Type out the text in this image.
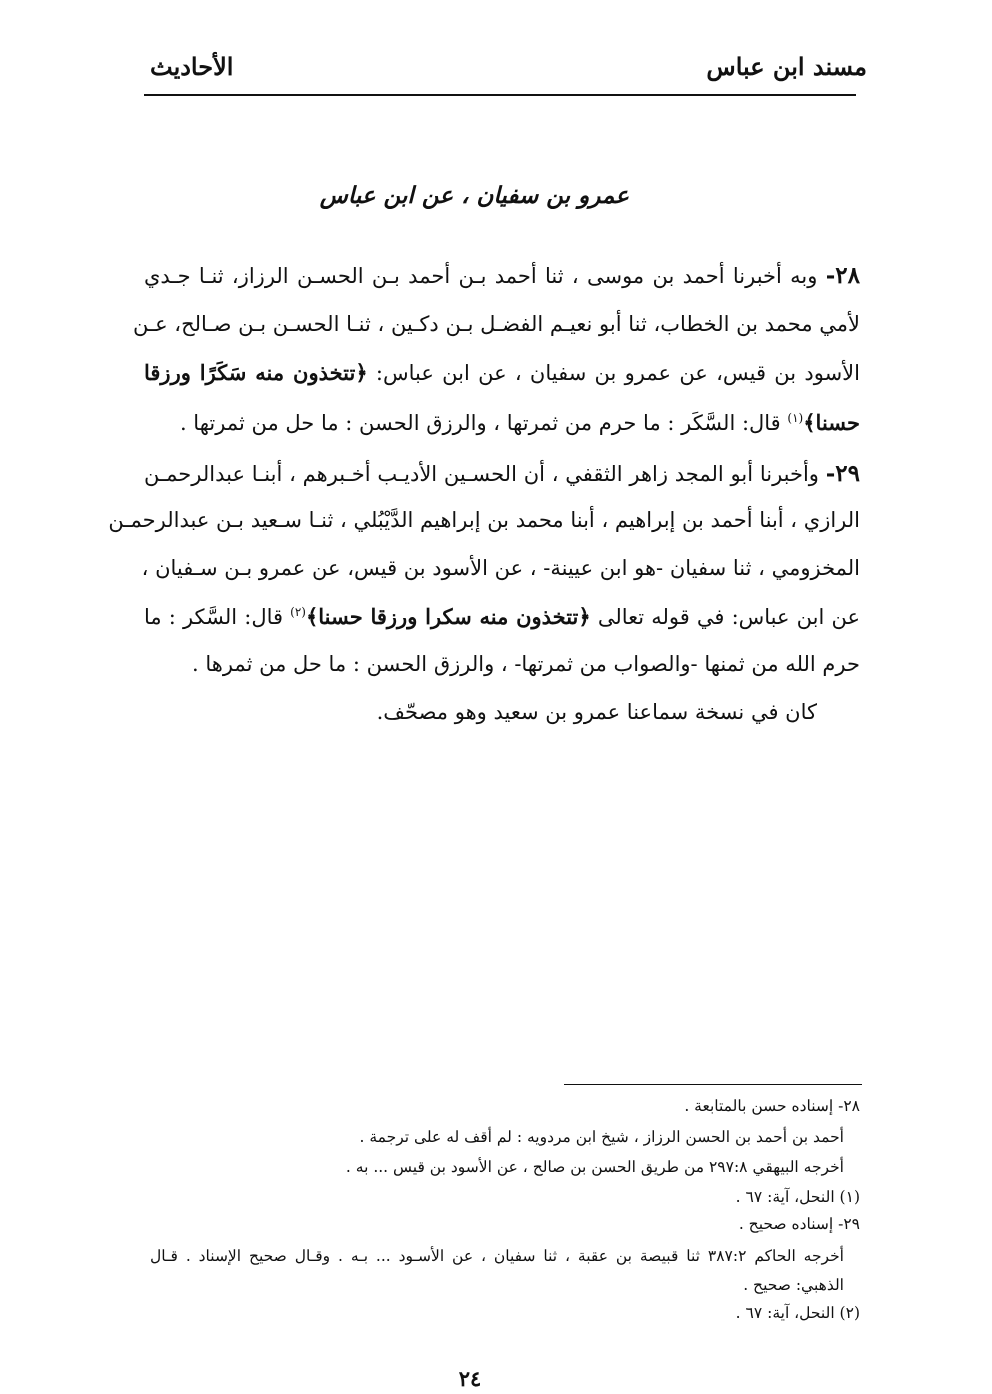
مسند ابن عباس
الأحاديث
عمرو بن سفيان ، عن ابن عباس
٢٨- وبه أخبرنا أحمد بن موسى ، ثنا أحمد بـن أحمد بـن الحسـن الرزاز، ثنـا جـدي
لأمي محمد بن الخطاب، ثنا أبو نعيـم الفضـل بـن دكـين ، ثنـا الحسـن بـن صـالح، عـن
الأسود بن قيس، عن عمرو بن سفيان ، عن ابن عباس: ﴿تتخذون منه سَكَرًا ورزقا
حسنا﴾$^{(١)}$ قال: السَّكَر : ما حرم من ثمرتها ، والرزق الحسن : ما حل من ثمرتها .
٢٩- وأخبرنا أبو المجد زاهر الثقفي ، أن الحسـين الأديـب أخـبرهم ، أبنـا عبدالرحمـن
الرازي ، أبنا أحمد بن إبراهيم ، أبنا محمد بن إبراهيم الدَّيْبُلي ، ثنـا سـعيد بـن عبدالرحمـن
المخزومي ، ثنا سفيان -هو ابن عيينة- ، عن الأسود بن قيس، عن عمرو بـن سـفيان ،
عن ابن عباس: في قوله تعالى ﴿تتخذون منه سكرا ورزقا حسنا﴾$^{(٢)}$ قال: السَّكر : ما
حرم الله من ثمنها -والصواب من ثمرتها- ، والرزق الحسن : ما حل من ثمرها .
كان في نسخة سماعنا عمرو بن سعيد وهو مصحّف.
٢٨- إسناده حسن بالمتابعة .
أحمد بن أحمد بن الحسن الرزاز ، شيخ ابن مردويه : لم أقف له على ترجمة .
أخرجه البيهقي ٢٩٧:٨ من طريق الحسن بن صالح ، عن الأسود بن قيس ... به .
(١) النحل، آية: ٦٧ .
٢٩- إسناده صحيح .
أخرجه الحاكم ٣٨٧:٢ ثنا قبيصة بن عقبة ، ثنا سفيان ، عن الأسـود ... بـه . وقـال صحيح الإسناد . قـال
الذهبي: صحيح .
(٢) النحل، آية: ٦٧ .
٢٤
